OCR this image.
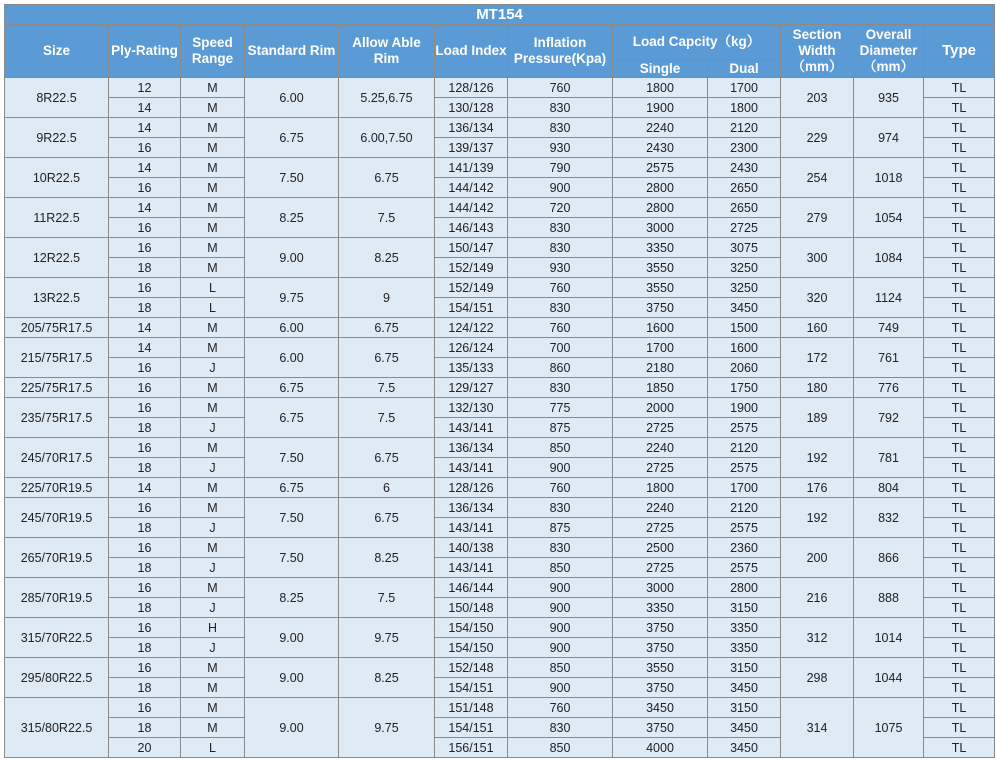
MT154											
Size	Ply-Rating	Speed Range	Standard Rim	Allow Able Rim	Load Index	Inflation Pressure(Kpa)	Load Capcity（kg）		Section Width （mm）	Overall Diameter （mm）	Type
							Single	Dual			
8R22.5	12	M	6.00	5.25,6.75	128/126	760	1800	1700	203	935	TL
	14	M			130/128	830	1900	1800			TL
9R22.5	14	M	6.75	6.00,7.50	136/134	830	2240	2120	229	974	TL
	16	M			139/137	930	2430	2300			TL
10R22.5	14	M	7.50	6.75	141/139	790	2575	2430	254	1018	TL
	16	M			144/142	900	2800	2650			TL
11R22.5	14	M	8.25	7.5	144/142	720	2800	2650	279	1054	TL
	16	M			146/143	830	3000	2725			TL
12R22.5	16	M	9.00	8.25	150/147	830	3350	3075	300	1084	TL
	18	M			152/149	930	3550	3250			TL
13R22.5	16	L	9.75	9	152/149	760	3550	3250	320	1124	TL
	18	L			154/151	830	3750	3450			TL
205/75R17.5	14	M	6.00	6.75	124/122	760	1600	1500	160	749	TL
215/75R17.5	14	M	6.00	6.75	126/124	700	1700	1600	172	761	TL
	16	J			135/133	860	2180	2060			TL
225/75R17.5	16	M	6.75	7.5	129/127	830	1850	1750	180	776	TL
235/75R17.5	16	M	6.75	7.5	132/130	775	2000	1900	189	792	TL
	18	J			143/141	875	2725	2575			TL
245/70R17.5	16	M	7.50	6.75	136/134	850	2240	2120	192	781	TL
	18	J			143/141	900	2725	2575			TL
225/70R19.5	14	M	6.75	6	128/126	760	1800	1700	176	804	TL
245/70R19.5	16	M	7.50	6.75	136/134	830	2240	2120	192	832	TL
	18	J			143/141	875	2725	2575			TL
265/70R19.5	16	M	7.50	8.25	140/138	830	2500	2360	200	866	TL
	18	J			143/141	850	2725	2575			TL
285/70R19.5	16	M	8.25	7.5	146/144	900	3000	2800	216	888	TL
	18	J			150/148	900	3350	3150			TL
315/70R22.5	16	H	9.00	9.75	154/150	900	3750	3350	312	1014	TL
	18	J			154/150	900	3750	3350			TL
295/80R22.5	16	M	9.00	8.25	152/148	850	3550	3150	298	1044	TL
	18	M			154/151	900	3750	3450			TL
315/80R22.5	16	M	9.00	9.75	151/148	760	3450	3150	314	1075	TL
	18	M			154/151	830	3750	3450			TL
	20	L			156/151	850	4000	3450			TL
